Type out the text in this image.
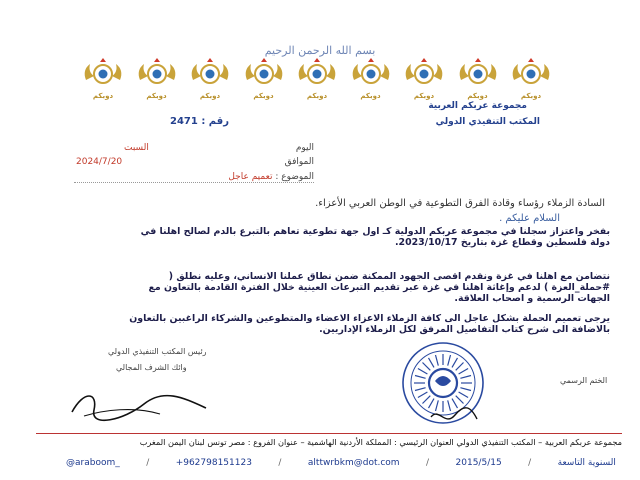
بسم الله الرحمن الرحيم
دوبكم
دوبكم
دوبكم
دوبكم
دوبكم
دوبكم
دوبكم
دوبكم
دوبكم
مجموعة عربكم العربية
المكتب التنفيذي الدولي
رقم : 2471
اليوم
السبت
الموافق
2024/7/20
الموضوع : تعميم عاجل
السادة الزملاء رؤساء وقادة الفرق التطوعية في الوطن العربي الأعزاء.
السلام عليكم .
بفخر واعتزاز سجلنا في مجموعة عربكم الدولية كـ اول جهة تطوعية تعاهم بالتبرع بالدم لصالح اهلنا في دولة فلسطين وقطاع غزة بتاريخ 2023/10/17.
نتضامن مع اهلنا في غزة ونقدم اقصى الجهود الممكنة ضمن نطاق عملنا الانساني، وعليه نطلق ( #حملة_العزة ) لدعم وإغاثة اهلنا في غزة عبر تقديم التبرعات العينية خلال الفترة القادمة بالتعاون مع الجهات الرسمية و اصحاب العلاقة.
يرجى تعميم الحملة بشكل عاجل الى كافة الزملاء الاعزاء الاعضاء والمتطوعين والشركاء الراغبين بالتعاون بالاضافة الى شرح كتاب التفاصيل المرفق لكل الزملاء الإداريين.
رئيس المكتب التنفيذي الدولي
وائك الشرف المجالي
الختم الرسمي
مجموعة عربكم العربية – المكتب التنفيذي الدولي العنوان الرئيسي : المملكة الأردنية الهاشمية – عنوان الفروع : مصر تونس لبنان اليمن المغرب
@araboom_	/	+962798151123	/	alttwrbkm@dot.com	/	2015/5/15	/	السنوية التاسعة
